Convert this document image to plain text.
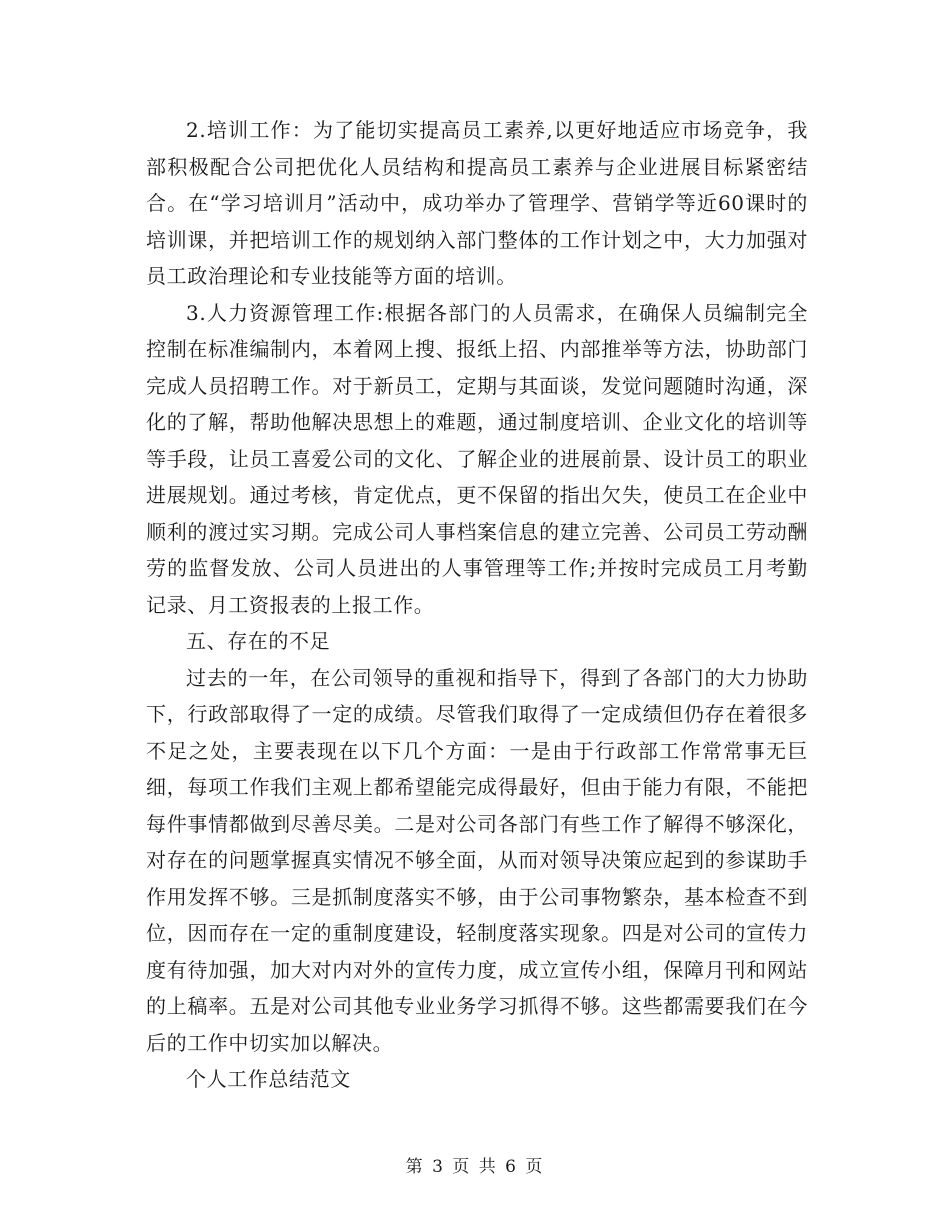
2.培训工作：为了能切实提高员工素养,以更好地适应市场竞争，我部积极配合公司把优化人员结构和提高员工素养与企业进展目标紧密结合。在“学习培训月”活动中，成功举办了管理学、营销学等近60课时的培训课，并把培训工作的规划纳入部门整体的工作计划之中，大力加强对员工政治理论和专业技能等方面的培训。

3.人力资源管理工作:根据各部门的人员需求，在确保人员编制完全控制在标准编制内，本着网上搜、报纸上招、内部推举等方法，协助部门完成人员招聘工作。对于新员工，定期与其面谈，发觉问题随时沟通，深化的了解，帮助他解决思想上的难题，通过制度培训、企业文化的培训等等手段，让员工喜爱公司的文化、了解企业的进展前景、设计员工的职业进展规划。通过考核，肯定优点，更不保留的指出欠失，使员工在企业中顺利的渡过实习期。完成公司人事档案信息的建立完善、公司员工劳动酬劳的监督发放、公司人员进出的人事管理等工作;并按时完成员工月考勤记录、月工资报表的上报工作。

五、存在的不足

过去的一年，在公司领导的重视和指导下，得到了各部门的大力协助下，行政部取得了一定的成绩。尽管我们取得了一定成绩但仍存在着很多不足之处，主要表现在以下几个方面：一是由于行政部工作常常事无巨细，每项工作我们主观上都希望能完成得最好，但由于能力有限，不能把每件事情都做到尽善尽美。二是对公司各部门有些工作了解得不够深化，对存在的问题掌握真实情况不够全面，从而对领导决策应起到的参谋助手作用发挥不够。三是抓制度落实不够，由于公司事物繁杂，基本检查不到位，因而存在一定的重制度建设，轻制度落实现象。四是对公司的宣传力度有待加强，加大对内对外的宣传力度，成立宣传小组，保障月刊和网站的上稿率。五是对公司其他专业业务学习抓得不够。这些都需要我们在今后的工作中切实加以解决。

个人工作总结范文

第 3 页 共 6 页
